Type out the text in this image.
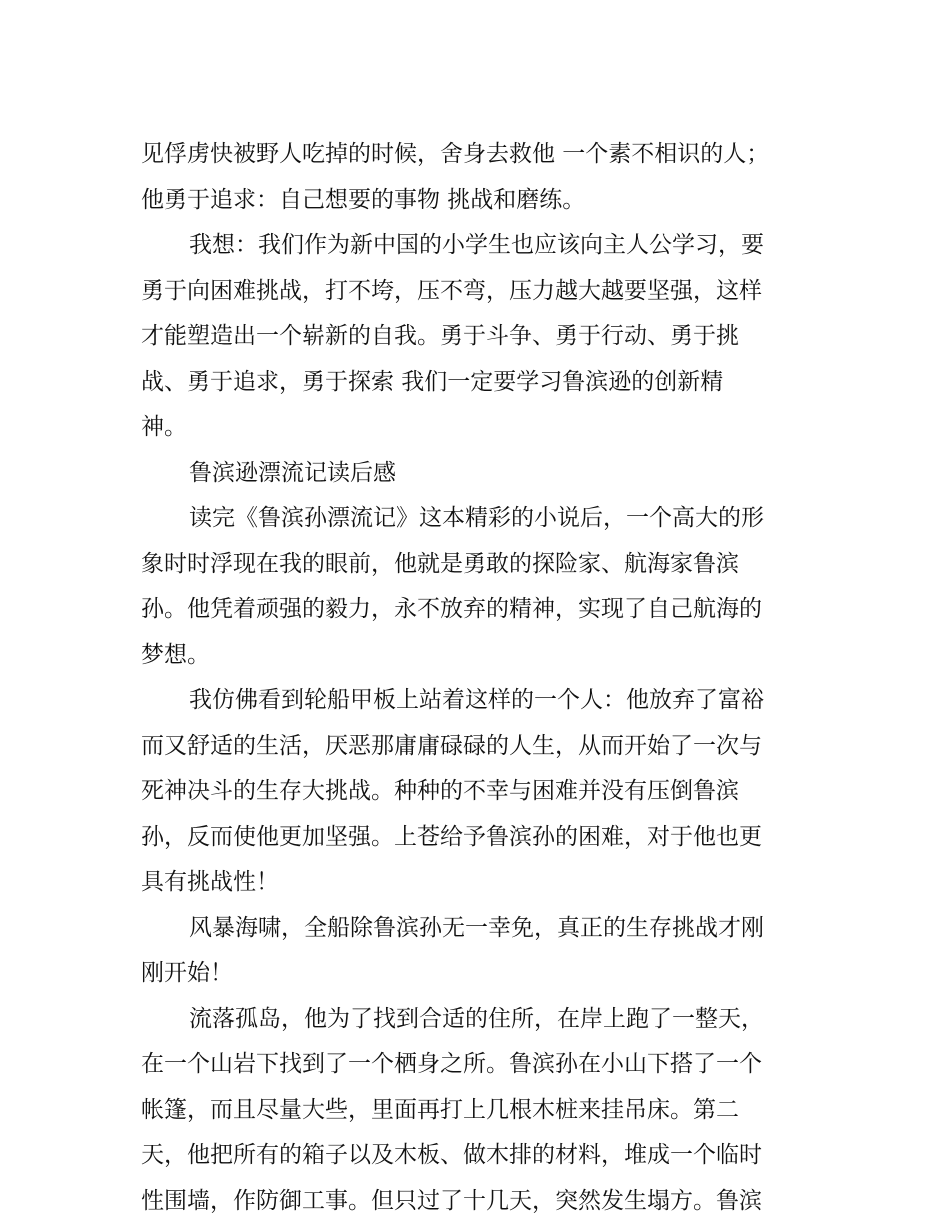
见俘虏快被野人吃掉的时候，舍身去救他 一个素不相识的人；
他勇于追求：自己想要的事物 挑战和磨练。
我想：我们作为新中国的小学生也应该向主人公学习，要
勇于向困难挑战，打不垮，压不弯，压力越大越要坚强，这样
才能塑造出一个崭新的自我。勇于斗争、勇于行动、勇于挑
战、勇于追求，勇于探索 我们一定要学习鲁滨逊的创新精
神。
鲁滨逊漂流记读后感
读完《鲁滨孙漂流记》这本精彩的小说后，一个高大的形
象时时浮现在我的眼前，他就是勇敢的探险家、航海家鲁滨
孙。他凭着顽强的毅力，永不放弃的精神，实现了自己航海的
梦想。
我仿佛看到轮船甲板上站着这样的一个人：他放弃了富裕
而又舒适的生活，厌恶那庸庸碌碌的人生，从而开始了一次与
死神决斗的生存大挑战。种种的不幸与困难并没有压倒鲁滨
孙，反而使他更加坚强。上苍给予鲁滨孙的困难，对于他也更
具有挑战性！
风暴海啸，全船除鲁滨孙无一幸免，真正的生存挑战才刚
刚开始！
流落孤岛，他为了找到合适的住所，在岸上跑了一整天，
在一个山岩下找到了一个栖身之所。鲁滨孙在小山下搭了一个
帐篷，而且尽量大些，里面再打上几根木桩来挂吊床。第二
天，他把所有的箱子以及木板、做木排的材料，堆成一个临时
性围墙，作防御工事。但只过了十几天，突然发生塌方。鲁滨
